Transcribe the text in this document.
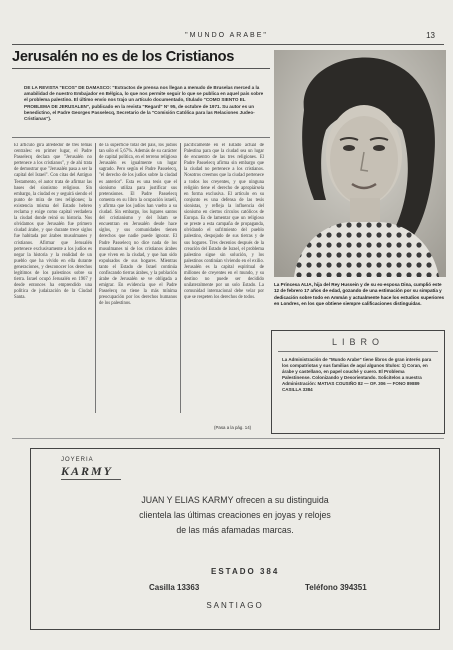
"MUNDO ARABE"	13
Jerusalén no es de los Cristianos
DE LA REVISTA "ECOS" DE DAMASCO: "Extractos de prensa nos llegan a menudo de Bruselas merced a la amabilidad de nuestro Embajador en Bélgica, lo que nos permite seguir lo que se publica en aquel país sobre el problema palestino. El último envío nos trajo un artículo documentado, titulado "COMO SIENTO EL PROBLEMA DE JERUSALEN", publicado en la revista "Regard" N° 95, de octubre de 1971. Su autor es un benedictino, el Padre Georges Passelecq, Secretario de la "Comisión Católica para las Relaciones Judeo-Cristianas").
El artículo gira alrededor de tres temas centrales: en primer lugar, el Padre Passelecq declara que "Jerusalén no pertenece a los cristianos", y de ahí trata de demostrar que "Jerusalén pasa a ser la capital del Israel". Con citas del Antiguo Testamento, el autor trata de afirmar las bases del sionismo religioso. Sin embargo, la ciudad es y seguirá siendo el punto de mira de tres religiones; la existencia misma del Estado hebreo reclama y exige como capital verdadera la ciudad donde reinó su historia. Nos olvidamos que Jerusalén fue primero ciudad árabe, y que durante trece siglos fue habitada por árabes musulmanes y cristianos. Afirmar que Jerusalén pertenece exclusivamente a los judíos es negar la historia y la realidad de un pueblo que ha vivido en ella durante generaciones, y desconocer los derechos legítimos de los palestinos sobre su tierra. Israel ocupó Jerusalén en 1967 y desde entonces ha emprendido una política de judaización de la Ciudad Santa.
de la superficie total del país, los judíos tan sólo el 5,67%. Además de su carácter de capital política, en el terreno religioso Jerusalén es igualmente un lugar sagrado. Pero según el Padre Passelecq, "el derecho de los judíos sobre la ciudad es anterior". Esta es una tesis que el sionismo utiliza para justificar sus pretensiones. El Padre Passelecq comenta en su libro la ocupación israelí, y afirma que los judíos han vuelto a su ciudad. Sin embargo, los lugares santos del cristianismo y del Islam se encuentran en Jerusalén desde hace siglos, y sus comunidades tienen derechos que nadie puede ignorar. El Padre Passelecq no dice nada de los musulmanes ni de los cristianos árabes que viven en la ciudad, y que han sido expulsados de sus hogares. Mientras tanto el Estado de Israel continúa confiscando tierras árabes, y la población árabe de Jerusalén se ve obligada a emigrar. En evidencia que el Padre Passelecq no tiene la más mínima preocupación por los derechos humanos de los palestinos.
pacíficamente en el Estado actual de Palestina para que la ciudad sea un lugar de encuentro de las tres religiones. El Padre Passelecq afirma sin embargo que la ciudad no pertenece a los cristianos. Nosotros creemos que la ciudad pertenece a todos los creyentes, y que ninguna religión tiene el derecho de apropiársela en forma exclusiva. El artículo en su conjunto es una defensa de las tesis sionistas, y refleja la influencia del sionismo en ciertos círculos católicos de Europa. Es de lamentar que un religioso se preste a esta campaña de propaganda, olvidando el sufrimiento del pueblo palestino, despojado de sus tierras y de sus hogares. Tres decenios después de la creación del Estado de Israel, el problema palestino sigue sin solución, y los palestinos continúan viviendo en el exilio. Jerusalén es la capital espiritual de millones de creyentes en el mundo, y su destino no puede ser decidido unilateralmente por un solo Estado. La comunidad internacional debe velar por que se respeten los derechos de todos.
(Pasa a la pág. 14)
La Princesa ALIA, hija del Rey Hussein y de su ex-esposa Dina, cumplió este 12 de febrero 17 años de edad, gozando de una estimación por su simpatía y dedicación sobre todo en Ammán y actualmente hace los estudios superiores en Londres, en los que obtiene siempre calificaciones distinguidas.
LIBRO
La Administración de "Mundo Arabe" tiene libros de gran interés para los compatriotas y sus familias de aquí algunos títulos: 1) Coran, en árabe y castellano, en papel couché y cuero. El Problema Palestinense. Colonizando y Desorientando. Solicítelos a nuestra Administración: MATIAS COUSIÑO 82 — OF. 306 — FONO 89889 CASILLA 3384
JOYERIA
KARMY
JUAN Y ELIAS KARMY ofrecen a su distinguida
clientela las últimas creaciones en joyas y relojes
de las más afamadas marcas.
ESTADO 384
Casilla 13363	Teléfono 394351
SANTIAGO
